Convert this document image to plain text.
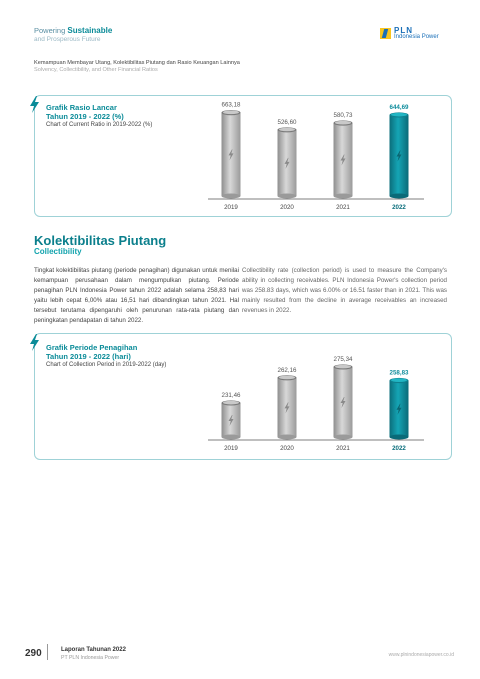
Powering Sustainable
and Prosperous Future
PLN
Indonesia Power
Kemampuan Membayar Utang, Kolektibilitas Piutang dan Rasio Keuangan Lainnya
Solvency, Collectibility, and Other Financial Ratios
Grafik Rasio Lancar
Tahun 2019 - 2022 (%)
Chart of Current Ratio in 2019-2022 (%)
663,18
2019
526,60
2020
580,73
2021
644,69
2022
Kolektibilitas Piutang
Collectibility
Tingkat kolektibilitas piutang (periode penagihan) digunakan untuk menilai kemampuan perusahaan dalam mengumpulkan piutang. Periode penagihan PLN Indonesia Power tahun 2022 adalah selama 258,83 hari yaitu lebih cepat 6,00% atau 16,51 hari dibandingkan tahun 2021. Hal tersebut terutama dipengaruhi oleh penurunan rata-rata piutang dan peningkatan pendapatan di tahun 2022.
Collectibility rate (collection period) is used to measure the Company's ability in collecting receivables. PLN Indonesia Power's collection period was 258.83 days, which was 6.00% or 16.51 faster than in 2021. This was mainly resulted from the decline in average receivables an increased revenues in 2022.
Grafik Periode Penagihan
Tahun 2019 - 2022 (hari)
Chart of Collection Period in 2019-2022 (day)
231,46
2019
262,16
2020
275,34
2021
258,83
2022
290	Laporan Tahunan 2022
PT PLN Indonesia Power	www.plnindonesiapower.co.id
